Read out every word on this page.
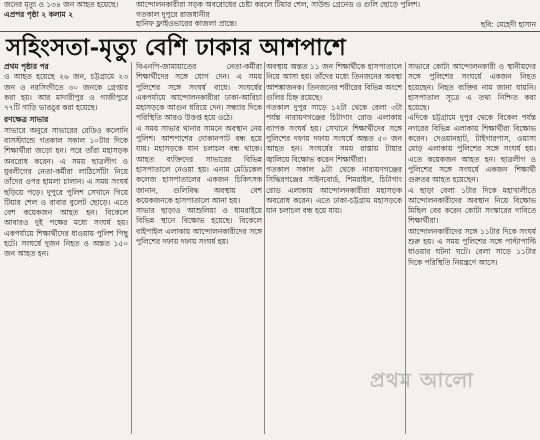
জনের মৃত্যু ও ১৩৪ জন আহত হয়েছে।
এপ্রপর পৃষ্ঠা ২ কলাম ২
আন্দোলনকারীরা সড়ক অবরোধের চেষ্টা করলে টিয়ার শেল, সাউন্ড গ্রেনেড ও গুলি ছোড়ে পুলিশ। গতকাল দুপুরে রাজধানীর
হানিফ ফ্লাইওভারের কাজলা প্রান্তে।	ছবি: মেহেদী হাসান
সহিংসতা-মৃত্যু বেশি ঢাকার আশপাশে
প্রথম পৃষ্ঠার পর
ও আহত হয়েছে ২৬ জন, চট্টগ্রামে ২৩ জন ও নরসিংদীতে ৩০ জনকে গ্রেপ্তার করা হয়। আর মাদারীপুর ও গাজীপুরে ৭৭টি গাড়ি ভাঙচুর করা হয়েছে।
রণক্ষেত্র সাভার
সাভারে অনুরে সাভারের রেডিও কলোনি বাসস্ট্যান্ডে গতকাল সকাল ১০টার দিকে শিক্ষার্থীরা জড়ো হন। পরে তাঁরা মহাসড়ক অবরোধ করেন। এ সময় ছাত্রলীগ ও যুবলীগের নেতা-কর্মীরা লাঠিসোঁটা নিয়ে তাঁদের ওপর হামলা চালান। এ সময় সংঘর্ষ ছড়িয়ে পড়ে। দুপুরে পুলিশ সেখানে গিয়ে টিয়ার শেল ও রাবার বুলেট ছোড়ে। এতে বেশ কয়েকজন আহত হন। বিকেলে আবারও দুই পক্ষের মধ্যে সংঘর্ষ হয়। একপর্যায়ে শিক্ষার্থীদের ধাওয়ায় পুলিশ পিছু হটে। সংঘর্ষে দুজন নিহত ও অন্তত ১৫০ জন আহত হন।
বিএনপি-জামায়াতের নেতা-কর্মীরা শিক্ষার্থীদের সঙ্গে যোগ দেন। এ সময় পুলিশের সঙ্গে সংঘর্ষ বাধে। সংঘর্ষের একপর্যায়ে আন্দোলনকারীরা ঢাকা-আরিচা মহাসড়কে আগুন ধরিয়ে দেন। সন্ধ্যার দিকে পরিস্থিতি আরও উত্তপ্ত হয়ে ওঠে।
এ সময় সাভার থানার সামনে অবস্থান নেয় পুলিশ। আশপাশের দোকানপাট বন্ধ হয়ে যায়। মহাসড়কে যান চলাচল বন্ধ থাকে। আহত ব্যক্তিদের সাভারের বিভিন্ন হাসপাতালে নেওয়া হয়। এনাম মেডিকেল কলেজ হাসপাতালের একজন চিকিৎসক জানান, গুলিবিদ্ধ অবস্থায় বেশ কয়েকজনকে হাসপাতালে আনা হয়।
সাভার ছাড়াও আশুলিয়া ও ধামরাইয়ে বিভিন্ন স্থানে বিক্ষোভ হয়েছে। বিকেলে বাইপাইল এলাকায় আন্দোলনকারীদের সঙ্গে পুলিশের দফায় দফায় সংঘর্ষ হয়।
অবস্থায় অন্তত ১১ জন শিক্ষার্থীকে হাসপাতালে নিয়ে আসা হয়। তাঁদের মধ্যে তিনজনের অবস্থা আশঙ্কাজনক। তিনজনের শরীরের বিভিন্ন অংশে গুলির চিহ্ন রয়েছে।
গতকাল দুপুর সাড়ে ১২টা থেকে বেলা ৩টা পর্যন্ত নারায়ণগঞ্জের চিটাগাং রোড এলাকায় ব্যাপক সংঘর্ষ হয়। সেখানে শিক্ষার্থীদের সঙ্গে পুলিশের দফায় দফায় সংঘর্ষে অন্তত ৫০ জন আহত হন। সংঘর্ষের সময় রাস্তায় টায়ার জ্বালিয়ে বিক্ষোভ করেন শিক্ষার্থীরা।
গতকাল সকাল ৯টা থেকে নারায়ণগঞ্জের সিদ্ধিরগঞ্জের সাইনবোর্ড, শিমরাইল, চিটাগাং রোড এলাকায় আন্দোলনকারীরা মহাসড়ক অবরোধ করেন। এতে ঢাকা-চট্টগ্রাম মহাসড়কে যান চলাচল বন্ধ হয়ে যায়।
সাভারে কোটা আন্দোলনকারী ও স্থানীয়দের সঙ্গে পুলিশের সংঘর্ষে একজন নিহত হয়েছেন। নিহত ব্যক্তির নাম জানা যায়নি। হাসপাতাল সূত্রে এ তথ্য নিশ্চিত করা হয়েছে।
এদিকে চট্টগ্রামে দুপুর থেকে বিকেল পর্যন্ত নগরের বিভিন্ন এলাকায় শিক্ষার্থীরা বিক্ষোভ করেন। দেওয়ানহাট, টাইগারপাস, ওয়াসা মোড় এলাকায় পুলিশের সঙ্গে সংঘর্ষ হয়। এতে কয়েকজন আহত হন। ছাত্রলীগ ও পুলিশের সঙ্গে সংঘর্ষে একজন শিক্ষার্থী গুরুতর আহত হয়েছেন।
এ ছাড়া বেলা ১টার দিকে মহাখালীতে আন্দোলনকারীদের অবস্থান নিয়ে বিক্ষোভ মিছিল বের করেন কোটা সংস্কারের দাবিতে শিক্ষার্থীরা।
আন্দোলনকারীদের সঙ্গে ১১টার দিকে সংঘর্ষ শুরু হয়। এ সময় পুলিশের সঙ্গে পাল্টাপাল্টি ধাওয়ার ঘটনা ঘটে। বেলা সাড়ে ১১টার দিকে পরিস্থিতি নিয়ন্ত্রণে আসে।
প্রথম আলো
